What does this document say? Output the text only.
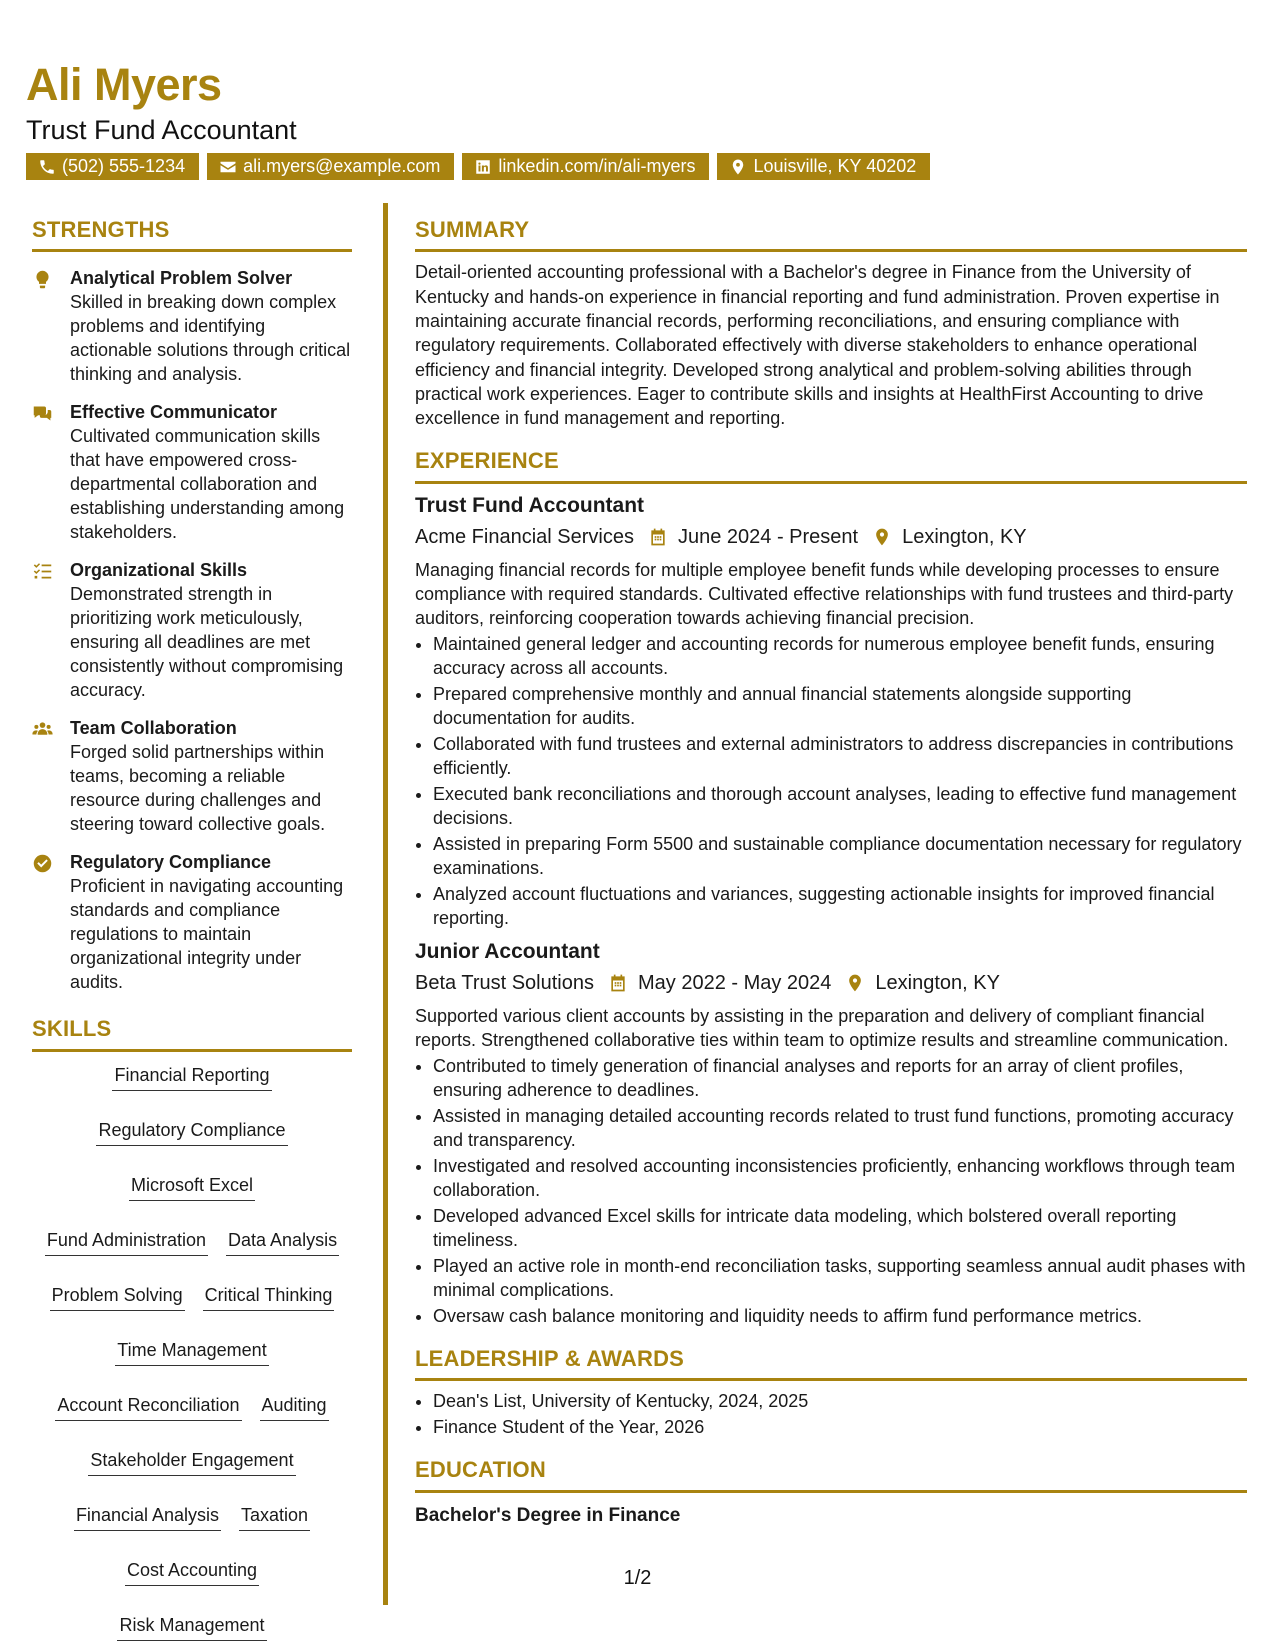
Ali Myers
Trust Fund Accountant
(502) 555-1234	ali.myers@example.com	linkedin.com/in/ali-myers	Louisville, KY 40202
STRENGTHS
Analytical Problem Solver
Skilled in breaking down complex problems and identifying actionable solutions through critical thinking and analysis.
Effective Communicator
Cultivated communication skills that have empowered cross-departmental collaboration and establishing understanding among stakeholders.
Organizational Skills
Demonstrated strength in prioritizing work meticulously, ensuring all deadlines are met consistently without compromising accuracy.
Team Collaboration
Forged solid partnerships within teams, becoming a reliable resource during challenges and steering toward collective goals.
Regulatory Compliance
Proficient in navigating accounting standards and compliance regulations to maintain organizational integrity under audits.
SKILLS
Financial Reporting
Regulatory Compliance
Microsoft Excel
Fund Administration Data Analysis
Problem Solving Critical Thinking
Time Management
Account Reconciliation Auditing
Stakeholder Engagement
Financial Analysis Taxation
Cost Accounting
Risk Management
SUMMARY
Detail-oriented accounting professional with a Bachelor's degree in Finance from the University of Kentucky and hands-on experience in financial reporting and fund administration. Proven expertise in maintaining accurate financial records, performing reconciliations, and ensuring compliance with regulatory requirements. Collaborated effectively with diverse stakeholders to enhance operational efficiency and financial integrity. Developed strong analytical and problem-solving abilities through practical work experiences. Eager to contribute skills and insights at HealthFirst Accounting to drive excellence in fund management and reporting.
EXPERIENCE
Trust Fund Accountant
Acme Financial Services June 2024 - Present Lexington, KY
Managing financial records for multiple employee benefit funds while developing processes to ensure compliance with required standards. Cultivated effective relationships with fund trustees and third-party auditors, reinforcing cooperation towards achieving financial precision.
• Maintained general ledger and accounting records for numerous employee benefit funds, ensuring accuracy across all accounts.
• Prepared comprehensive monthly and annual financial statements alongside supporting documentation for audits.
• Collaborated with fund trustees and external administrators to address discrepancies in contributions efficiently.
• Executed bank reconciliations and thorough account analyses, leading to effective fund management decisions.
• Assisted in preparing Form 5500 and sustainable compliance documentation necessary for regulatory examinations.
• Analyzed account fluctuations and variances, suggesting actionable insights for improved financial reporting.
Junior Accountant
Beta Trust Solutions May 2022 - May 2024 Lexington, KY
Supported various client accounts by assisting in the preparation and delivery of compliant financial reports. Strengthened collaborative ties within team to optimize results and streamline communication.
• Contributed to timely generation of financial analyses and reports for an array of client profiles, ensuring adherence to deadlines.
• Assisted in managing detailed accounting records related to trust fund functions, promoting accuracy and transparency.
• Investigated and resolved accounting inconsistencies proficiently, enhancing workflows through team collaboration.
• Developed advanced Excel skills for intricate data modeling, which bolstered overall reporting timeliness.
• Played an active role in month-end reconciliation tasks, supporting seamless annual audit phases with minimal complications.
• Oversaw cash balance monitoring and liquidity needs to affirm fund performance metrics.
LEADERSHIP & AWARDS
• Dean's List, University of Kentucky, 2024, 2025
• Finance Student of the Year, 2026
EDUCATION
Bachelor's Degree in Finance
1/2
